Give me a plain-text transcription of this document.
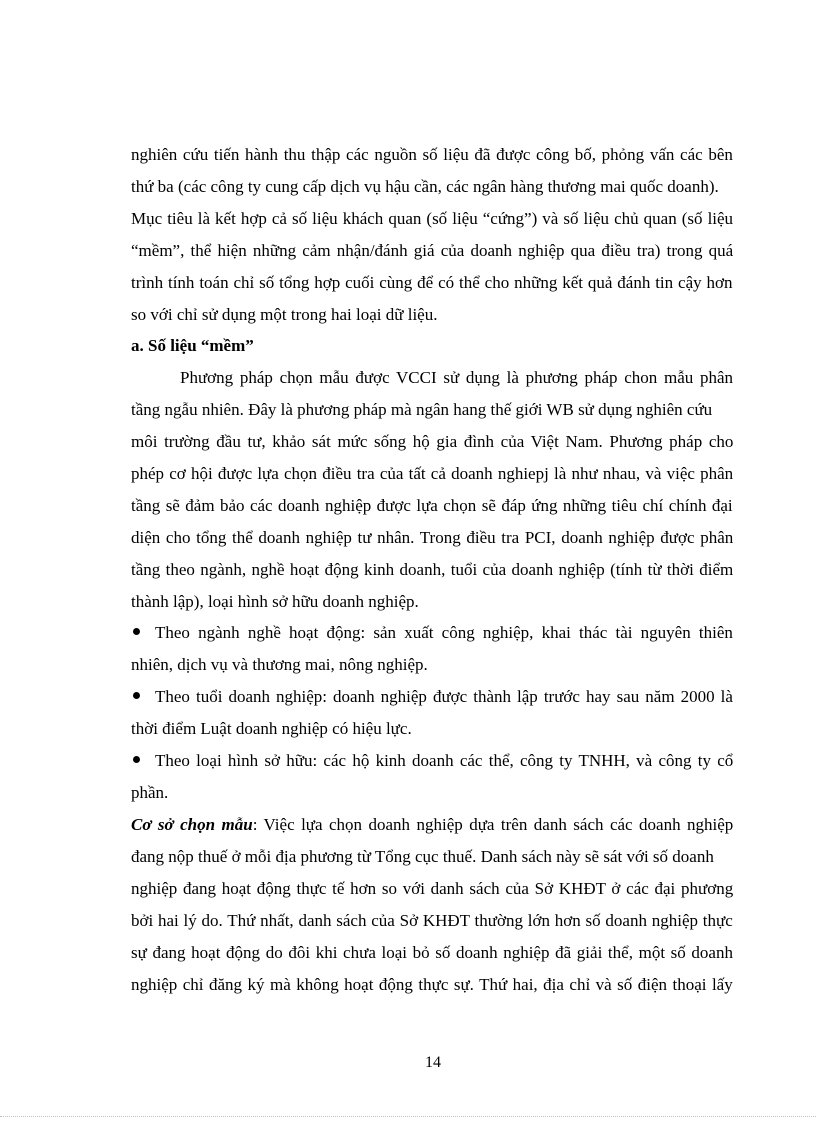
nghiên cứu tiến hành thu thập các nguồn số liệu đã được công bố, phỏng vấn các bên
thứ ba (các công ty cung cấp dịch vụ hậu cần, các ngân hàng thương mai quốc doanh).
Mục tiêu là kết hợp cả số liệu khách quan (số liệu “cứng”) và số liệu chủ quan (số liệu
“mềm”, thể hiện những cảm nhận/đánh giá của doanh nghiệp qua điều tra) trong quá
trình tính toán chỉ số tổng hợp cuối cùng để có thể cho những kết quả đánh tin cậy hơn
so với chỉ sử dụng một trong hai loại dữ liệu.
a. Số liệu “mềm”
Phương pháp chọn mẫu được VCCI sử dụng là phương pháp chon mẫu phân
tầng ngẫu nhiên. Đây là phương pháp mà ngân hang thế giới WB sử dụng nghiên cứu
môi trường đầu tư, khảo sát mức sống hộ gia đình của Việt Nam. Phương pháp cho
phép cơ hội được lựa chọn điều tra của tất cả doanh nghiepj là như nhau, và việc phân
tầng sẽ đảm bảo các doanh nghiệp được lựa chọn sẽ đáp ứng những tiêu chí chính đại
diện cho tổng thể doanh nghiệp tư nhân. Trong điều tra PCI, doanh nghiệp được phân
tầng theo ngành, nghề hoạt động kinh doanh, tuổi của doanh nghiệp (tính từ thời điểm
thành lập), loại hình sở hữu doanh nghiệp.
Theo ngành nghề hoạt động: sản xuất công nghiệp, khai thác tài nguyên thiên
nhiên, dịch vụ và thương mai, nông nghiệp.
Theo tuổi doanh nghiệp: doanh nghiệp được thành lập trước hay sau năm 2000 là
thời điểm Luật doanh nghiệp có hiệu lực.
Theo loại hình sở hữu: các hộ kinh doanh các thể, công ty TNHH, và công ty cổ
phần.
Cơ sở chọn mẫu: Việc lựa chọn doanh nghiệp dựa trên danh sách các doanh nghiệp
đang nộp thuế ở mỗi địa phương từ Tổng cục thuế. Danh sách này sẽ sát với số doanh
nghiệp đang hoạt động thực tế hơn so với danh sách của Sở KHĐT ở các đại phương
bởi hai lý do. Thứ nhất, danh sách của Sở KHĐT thường lớn hơn số doanh nghiệp thực
sự đang hoạt động do đôi khi chưa loại bỏ số doanh nghiệp đã giải thể, một số doanh
nghiệp chỉ đăng ký mà không hoạt động thực sự. Thứ hai, địa chỉ và số điện thoại lấy
14
